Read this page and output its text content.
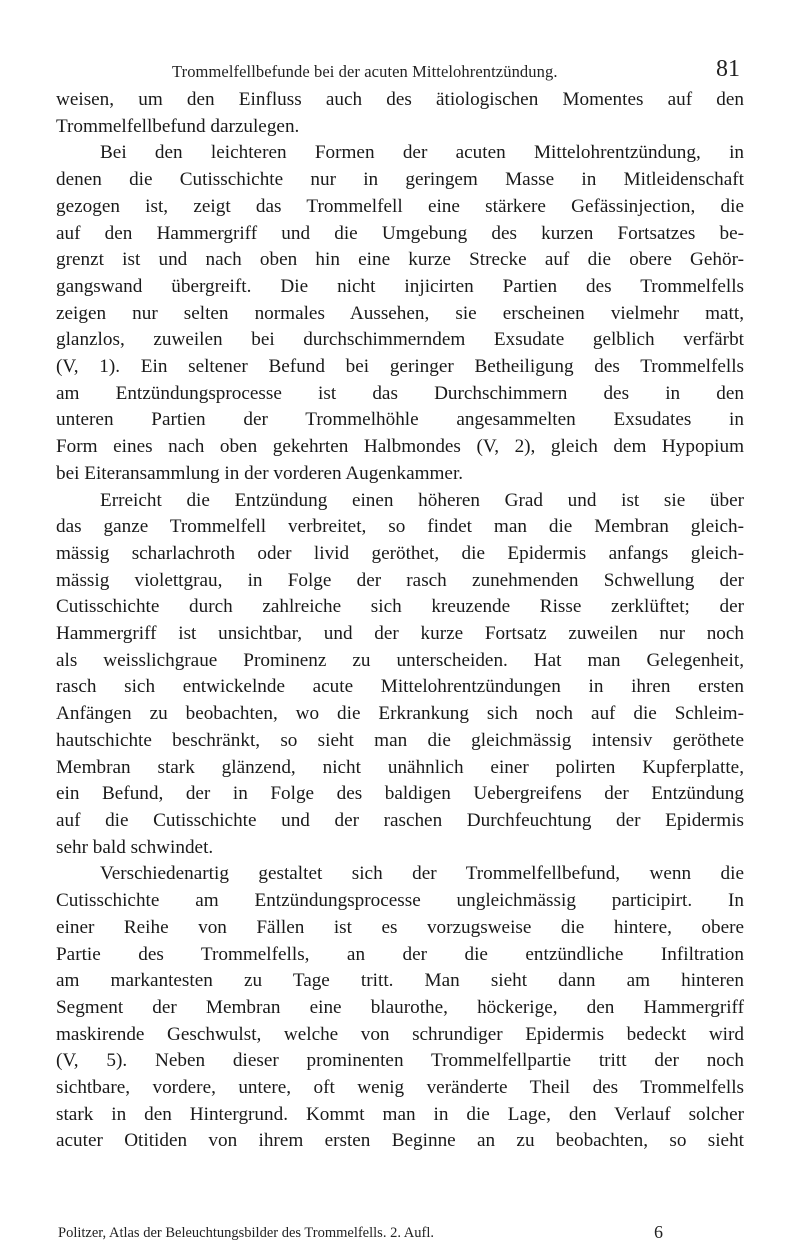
Trommelfellbefunde bei der acuten Mittelohrentzündung.	81

weisen, um den Einfluss auch des ätiologischen Momentes auf den
Trommelfellbefund darzulegen.

Bei den leichteren Formen der acuten Mittelohrentzündung, in
denen die Cutisschichte nur in geringem Masse in Mitleidenschaft
gezogen ist, zeigt das Trommelfell eine stärkere Gefässinjection, die
auf den Hammergriff und die Umgebung des kurzen Fortsatzes be-
grenzt ist und nach oben hin eine kurze Strecke auf die obere Gehör-
gangswand übergreift. Die nicht injicirten Partien des Trommelfells
zeigen nur selten normales Aussehen, sie erscheinen vielmehr matt,
glanzlos, zuweilen bei durchschimmerndem Exsudate gelblich verfärbt
(V, 1). Ein seltener Befund bei geringer Betheiligung des Trommelfells
am Entzündungsprocesse ist das Durchschimmern des in den
unteren Partien der Trommelhöhle angesammelten Exsudates in
Form eines nach oben gekehrten Halbmondes (V, 2), gleich dem Hypopium
bei Eiteransammlung in der vorderen Augenkammer.

Erreicht die Entzündung einen höheren Grad und ist sie über
das ganze Trommelfell verbreitet, so findet man die Membran gleich-
mässig scharlachroth oder livid geröthet, die Epidermis anfangs gleich-
mässig violettgrau, in Folge der rasch zunehmenden Schwellung der
Cutisschichte durch zahlreiche sich kreuzende Risse zerklüftet; der
Hammergriff ist unsichtbar, und der kurze Fortsatz zuweilen nur noch
als weisslichgraue Prominenz zu unterscheiden. Hat man Gelegenheit,
rasch sich entwickelnde acute Mittelohrentzündungen in ihren ersten
Anfängen zu beobachten, wo die Erkrankung sich noch auf die Schleim-
hautschichte beschränkt, so sieht man die gleichmässig intensiv geröthete
Membran stark glänzend, nicht unähnlich einer polirten Kupferplatte,
ein Befund, der in Folge des baldigen Uebergreifens der Entzündung
auf die Cutisschichte und der raschen Durchfeuchtung der Epidermis
sehr bald schwindet.

Verschiedenartig gestaltet sich der Trommelfellbefund, wenn die
Cutisschichte am Entzündungsprocesse ungleichmässig participirt. In
einer Reihe von Fällen ist es vorzugsweise die hintere, obere
Partie des Trommelfells, an der die entzündliche Infiltration
am markantesten zu Tage tritt. Man sieht dann am hinteren
Segment der Membran eine blaurothe, höckerige, den Hammergriff
maskirende Geschwulst, welche von schrundiger Epidermis bedeckt wird
(V, 5). Neben dieser prominenten Trommelfellpartie tritt der noch
sichtbare, vordere, untere, oft wenig veränderte Theil des Trommelfells
stark in den Hintergrund. Kommt man in die Lage, den Verlauf solcher
acuter Otitiden von ihrem ersten Beginne an zu beobachten, so sieht

Politzer, Atlas der Beleuchtungsbilder des Trommelfells. 2. Aufl.	6
